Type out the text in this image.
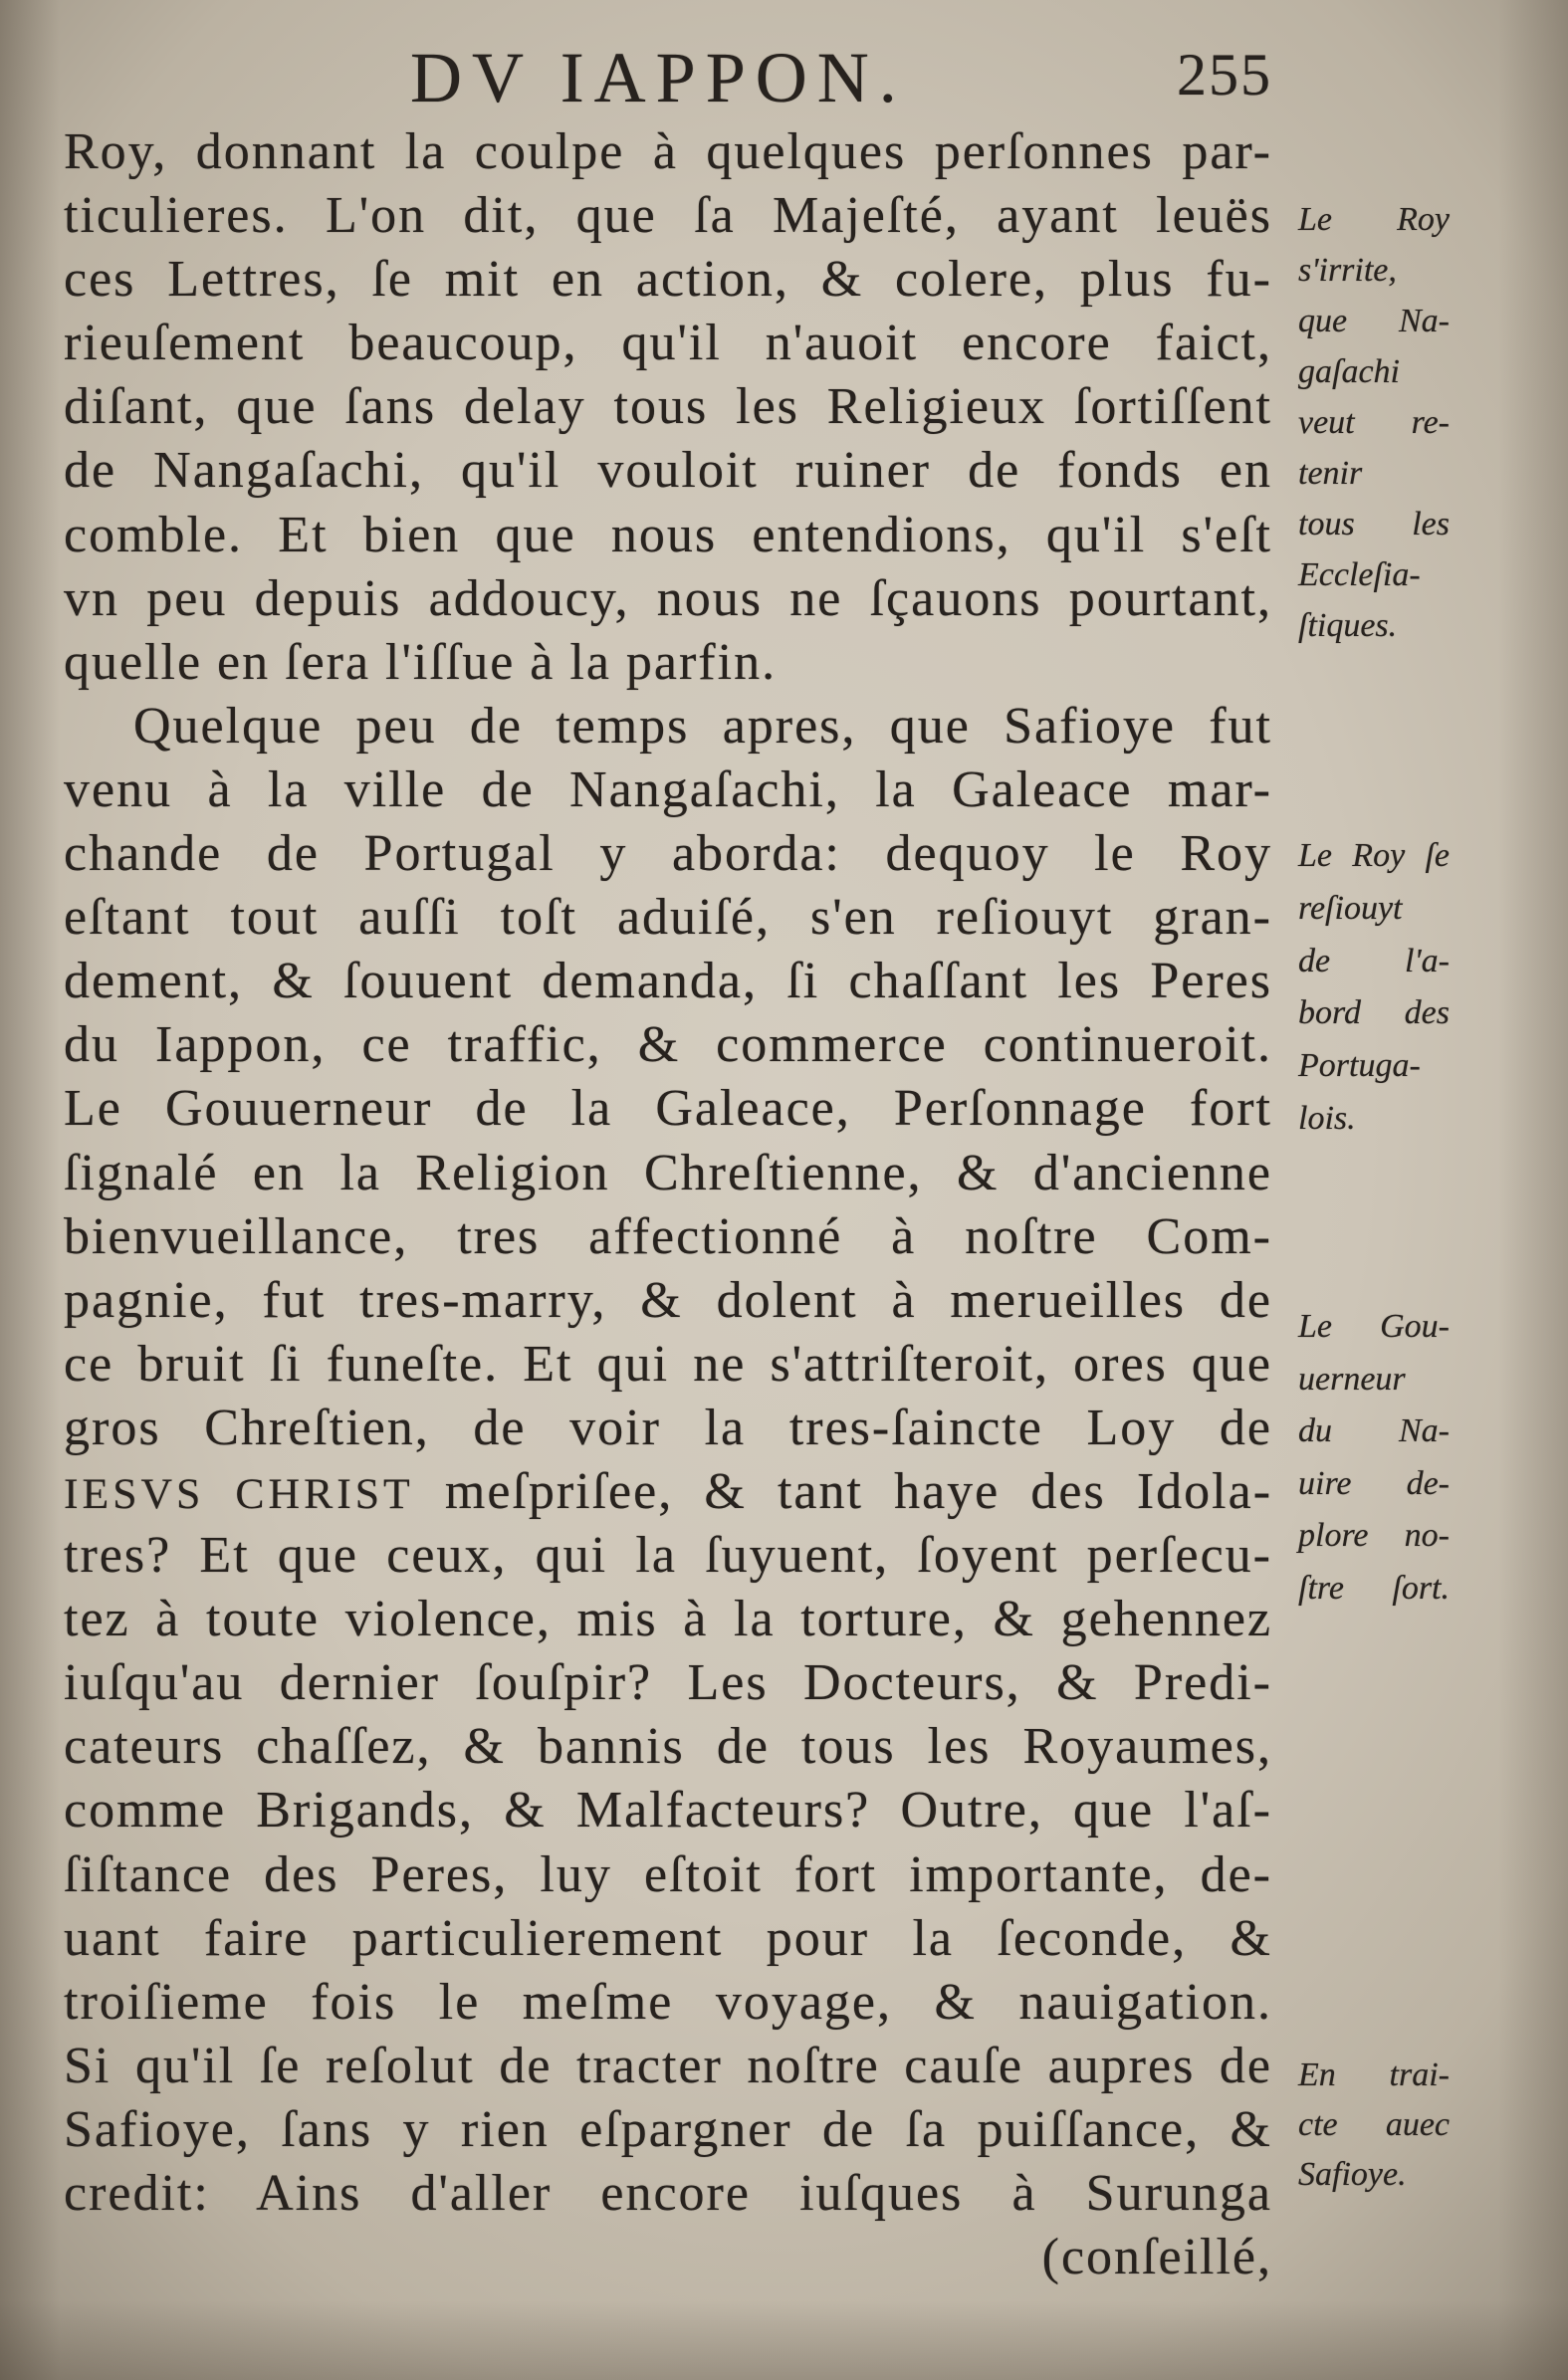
DV IAPPON.	255
Roy, donnant la coulpe à quelques perſonnes par-
ticulieres. L'on dit, que ſa Majeſté, ayant leuës
ces Lettres, ſe mit en action, & colere, plus fu-
rieuſement beaucoup, qu'il n'auoit encore faict,
diſant, que ſans delay tous les Religieux ſortiſſent
de Nangaſachi, qu'il vouloit ruiner de fonds en
comble. Et bien que nous entendions, qu'il s'eſt
vn peu depuis addoucy, nous ne ſçauons pourtant,
quelle en ſera l'iſſue à la parfin.
Quelque peu de temps apres, que Safioye fut
venu à la ville de Nangaſachi, la Galeace mar-
chande de Portugal y aborda: dequoy le Roy
eſtant tout auſſi toſt aduiſé, s'en reſiouyt gran-
dement, & ſouuent demanda, ſi chaſſant les Peres
du Iappon, ce traffic, & commerce continueroit.
Le Gouuerneur de la Galeace, Perſonnage fort
ſignalé en la Religion Chreſtienne, & d'ancienne
bienvueillance, tres affectionné à noſtre Com-
pagnie, fut tres-marry, & dolent à merueilles de
ce bruit ſi funeſte. Et qui ne s'attriſteroit, ores que
gros Chreſtien, de voir la tres-ſaincte Loy de
IESVS CHRIST meſpriſee, & tant haye des Idola-
tres? Et que ceux, qui la ſuyuent, ſoyent perſecu-
tez à toute violence, mis à la torture, & gehennez
iuſqu'au dernier ſouſpir? Les Docteurs, & Predi-
cateurs chaſſez, & bannis de tous les Royaumes,
comme Brigands, & Malfacteurs? Outre, que l'aſ-
ſiſtance des Peres, luy eſtoit fort importante, de-
uant faire particulierement pour la ſeconde, &
troiſieme fois le meſme voyage, & nauigation.
Si qu'il ſe reſolut de tracter noſtre cauſe aupres de
Safioye, ſans y rien eſpargner de ſa puiſſance, &
credit: Ains d'aller encore iuſques à Surunga
(conſeillé,
Le Roy
s'irrite,
que Na-
gaſachi
veut re-
tenir
tous les
Eccleſia-
ſtiques.
Le Roy ſe
reſiouyt
de l'a-
bord des
Portuga-
lois.
Le Gou-
uerneur
du Na-
uire de-
plore no-
ſtre ſort.
En trai-
cte auec
Safioye.
